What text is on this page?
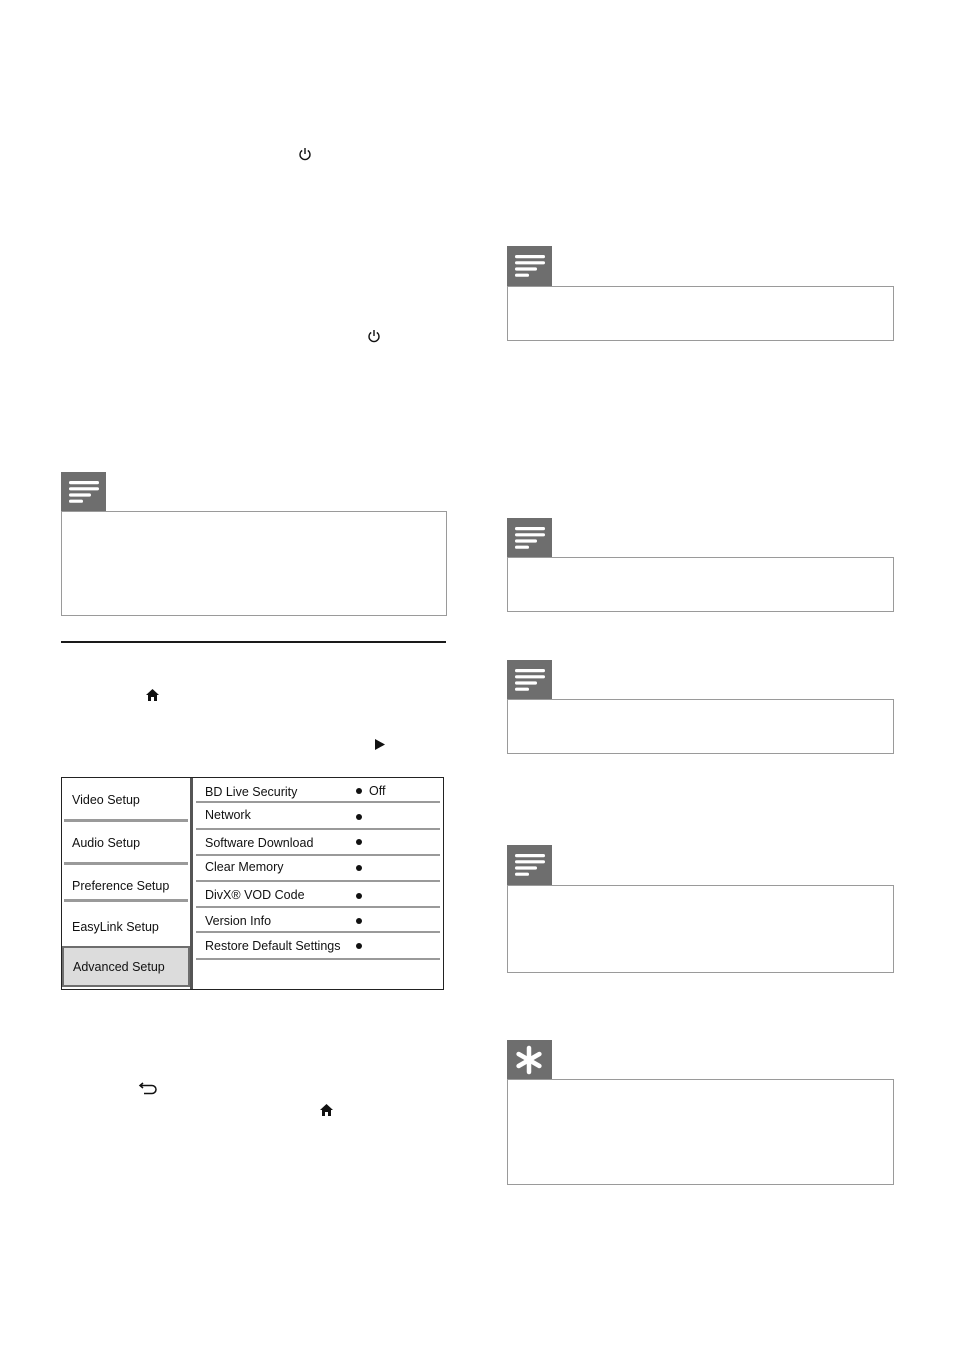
Video Setup
Audio Setup
Preference Setup
EasyLink Setup
Advanced Setup
BD Live Security	Off
Network
Software Download
Clear Memory
DivX® VOD Code
Version Info
Restore Default Settings
